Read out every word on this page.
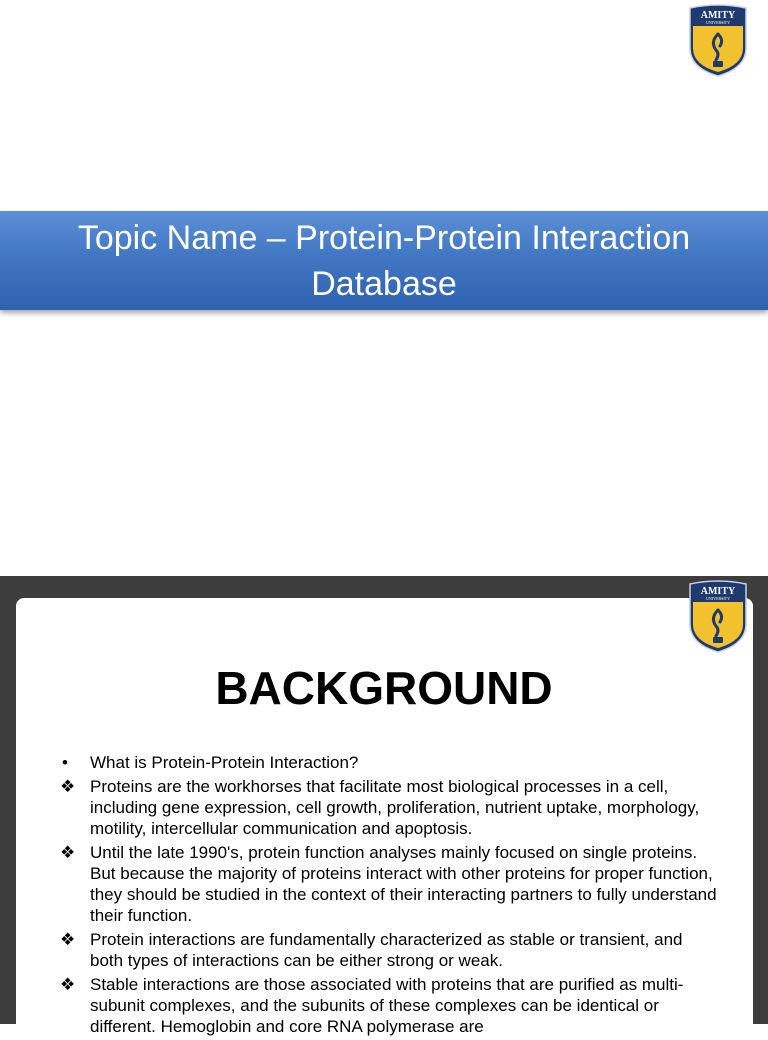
AMITY
UNIVERSITY
Topic Name – Protein-Protein Interaction
Database
AMITY
UNIVERSITY
BACKGROUND
•	What is Protein-Protein Interaction?
❖ Proteins are the workhorses that facilitate most biological processes in a cell, including gene expression, cell growth, proliferation, nutrient uptake, morphology, motility, intercellular communication and apoptosis.
❖ Until the late 1990's, protein function analyses mainly focused on single proteins. But because the majority of proteins interact with other proteins for proper function, they should be studied in the context of their interacting partners to fully understand their function.
❖ Protein interactions are fundamentally characterized as stable or transient, and both types of interactions can be either strong or weak.
❖ Stable interactions are those associated with proteins that are purified as multi-subunit complexes, and the subunits of these complexes can be identical or different. Hemoglobin and core RNA polymerase are
